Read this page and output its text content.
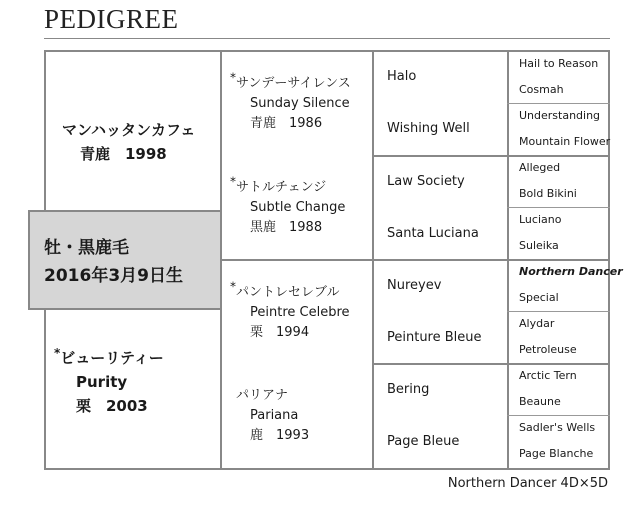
PEDIGREE
牡・黒鹿毛
2016年3月9日生
マンハッタンカフェ
青鹿　1998
*ビューリティー
Purity
栗　2003
*サンデーサイレンス
Sunday Silence
青鹿　1986
*サトルチェンジ
Subtle Change
黒鹿　1988
*パントレセレブル
Peintre Celebre
栗　1994
パリアナ
Pariana
鹿　1993
Halo
Wishing Well
Law Society
Santa Luciana
Nureyev
Peinture Bleue
Bering
Page Bleue
Hail to Reason
Cosmah
Understanding
Mountain Flower
Alleged
Bold Bikini
Luciano
Suleika
Northern Dancer
Special
Alydar
Petroleuse
Arctic Tern
Beaune
Sadler's Wells
Page Blanche
Northern Dancer 4D×5D
